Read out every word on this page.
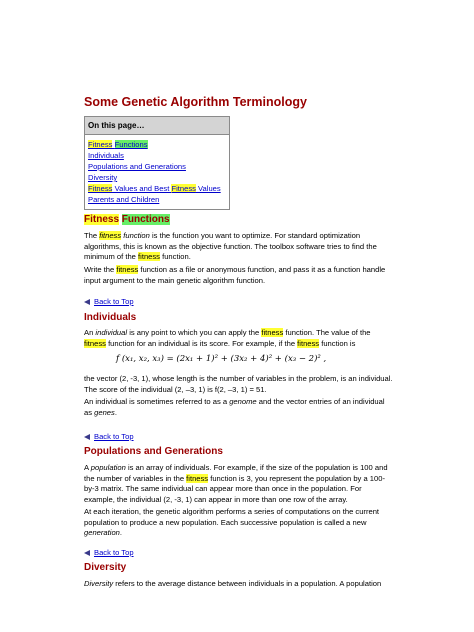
Some Genetic Algorithm Terminology
On this page…
Fitness Functions
Individuals
Populations and Generations
Diversity
Fitness Values and Best Fitness Values
Parents and Children
Fitness Functions
The fitness function is the function you want to optimize. For standard optimization algorithms, this is known as the objective function. The toolbox software tries to find the minimum of the fitness function.
Write the fitness function as a file or anonymous function, and pass it as a function handle input argument to the main genetic algorithm function.
Back to Top
Individuals
An individual is any point to which you can apply the fitness function. The value of the fitness function for an individual is its score. For example, if the fitness function is
f (x₁, x₂, x₃) = (2x₁ + 1)² + (3x₂ + 4)² + (x₃ − 2)² ,
the vector (2, -3, 1), whose length is the number of variables in the problem, is an individual. The score of the individual (2, –3, 1) is f(2, –3, 1) = 51.
An individual is sometimes referred to as a genome and the vector entries of an individual as genes.
Back to Top
Populations and Generations
A population is an array of individuals. For example, if the size of the population is 100 and the number of variables in the fitness function is 3, you represent the population by a 100-by-3 matrix. The same individual can appear more than once in the population. For example, the individual (2, -3, 1) can appear in more than one row of the array.
At each iteration, the genetic algorithm performs a series of computations on the current population to produce a new population. Each successive population is called a new generation.
Back to Top
Diversity
Diversity refers to the average distance between individuals in a population. A population
